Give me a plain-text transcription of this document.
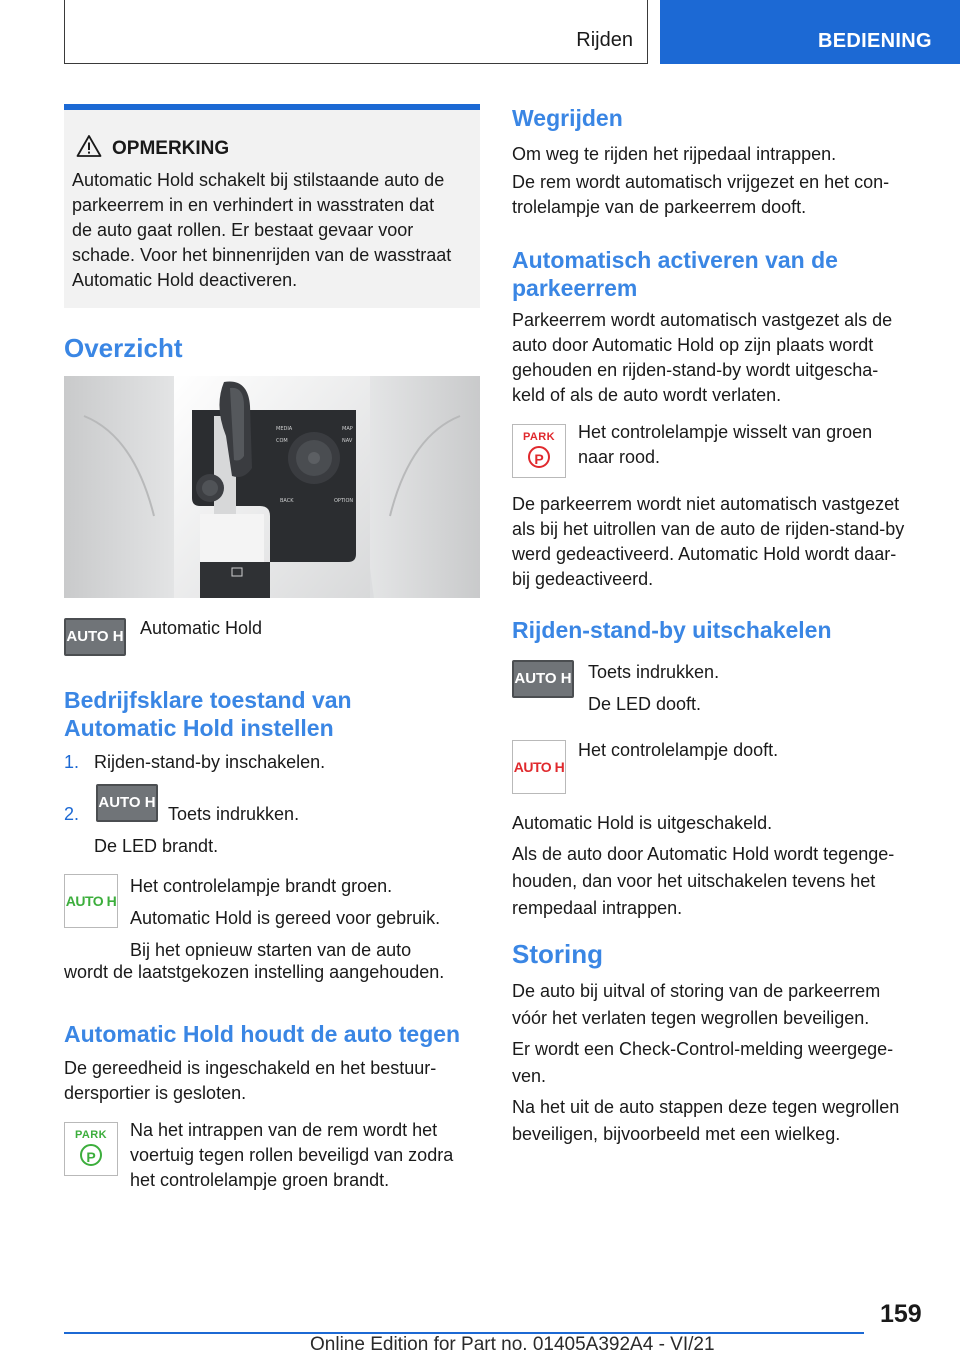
Rijden	BEDIENING
OPMERKING
Automatic Hold schakelt bij stilstaande auto de
parkeerrem in en verhindert in wasstraten dat
de auto gaat rollen. Er bestaat gevaar voor
schade. Voor het binnenrijden van de wasstraat
Automatic Hold deactiveren.
Overzicht
MEDIA	MAP
COM	NAV
BACK	OPTION
AUTO H Automatic Hold

Bedrijfsklare toestand van
Automatic Hold instellen

1. Rijden-stand-by inschakelen.

2.

AUTO H

Toets indrukken.

De LED brandt.

AUTO H
Het controlelampje brandt groen.
Automatic Hold is gereed voor gebruik.
Bij het opnieuw starten van de auto

wordt de laatstgekozen instelling aangehouden.

Automatic Hold houdt de auto tegen
De gereedheid is ingeschakeld en het bestuur-
dersportier is gesloten.
PARK
P
Na het intrappen van de rem wordt het
voertuig tegen rollen beveiligd van zodra
het controlelampje groen brandt.
Wegrijden
Om weg te rijden het rijpedaal intrappen.
De rem wordt automatisch vrijgezet en het con-
trolelampje van de parkeerrem dooft.
Automatisch activeren van de
parkeerrem
Parkeerrem wordt automatisch vastgezet als de
auto door Automatic Hold op zijn plaats wordt
gehouden en rijden-stand-by wordt uitgescha-
keld of als de auto wordt verlaten.
PARK
P
Het controlelampje wisselt van groen
naar rood.
De parkeerrem wordt niet automatisch vastgezet
als bij het uitrollen van de auto de rijden-stand-by
werd gedeactiveerd. Automatic Hold wordt daar-
bij gedeactiveerd.
Rijden-stand-by uitschakelen
AUTO H Toets indrukken.
De LED dooft.
AUTO H

Het controlelampje dooft.

Automatic Hold is uitgeschakeld.
Als de auto door Automatic Hold wordt tegenge-
houden, dan voor het uitschakelen tevens het
rempedaal intrappen.
Storing
De auto bij uitval of storing van de parkeerrem
vóór het verlaten tegen wegrollen beveiligen.
Er wordt een Check-Control-melding weergege-
ven.
Na het uit de auto stappen deze tegen wegrollen
beveiligen, bijvoorbeeld met een wielkeg.
159
Online Edition for Part no. 01405A392A4 - VI/21
